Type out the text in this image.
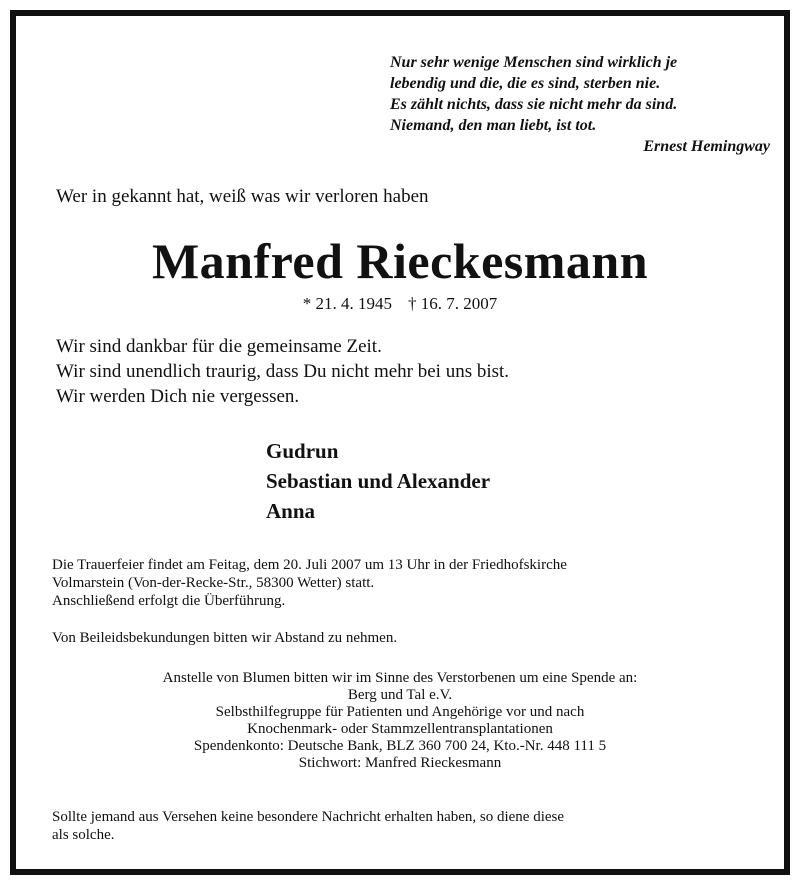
Nur sehr wenige Menschen sind wirklich je
lebendig und die, die es sind, sterben nie.
Es zählt nichts, dass sie nicht mehr da sind.
Niemand, den man liebt, ist tot.
Ernest Hemingway
Wer in gekannt hat, weiß was wir verloren haben
Manfred Rieckesmann
* 21. 4. 1945 † 16. 7. 2007
Wir sind dankbar für die gemeinsame Zeit.
Wir sind unendlich traurig, dass Du nicht mehr bei uns bist.
Wir werden Dich nie vergessen.
Gudrun
Sebastian und Alexander
Anna
Die Trauerfeier findet am Feitag, dem 20. Juli 2007 um 13 Uhr in der Friedhofskirche
Volmarstein (Von-der-Recke-Str., 58300 Wetter) statt.
Anschließend erfolgt die Überführung.
Von Beileidsbekundungen bitten wir Abstand zu nehmen.
Anstelle von Blumen bitten wir im Sinne des Verstorbenen um eine Spende an:
Berg und Tal e.V.
Selbsthilfegruppe für Patienten und Angehörige vor und nach
Knochenmark- oder Stammzellentransplantationen
Spendenkonto: Deutsche Bank, BLZ 360 700 24, Kto.-Nr. 448 111 5
Stichwort: Manfred Rieckesmann
Sollte jemand aus Versehen keine besondere Nachricht erhalten haben, so diene diese
als solche.
